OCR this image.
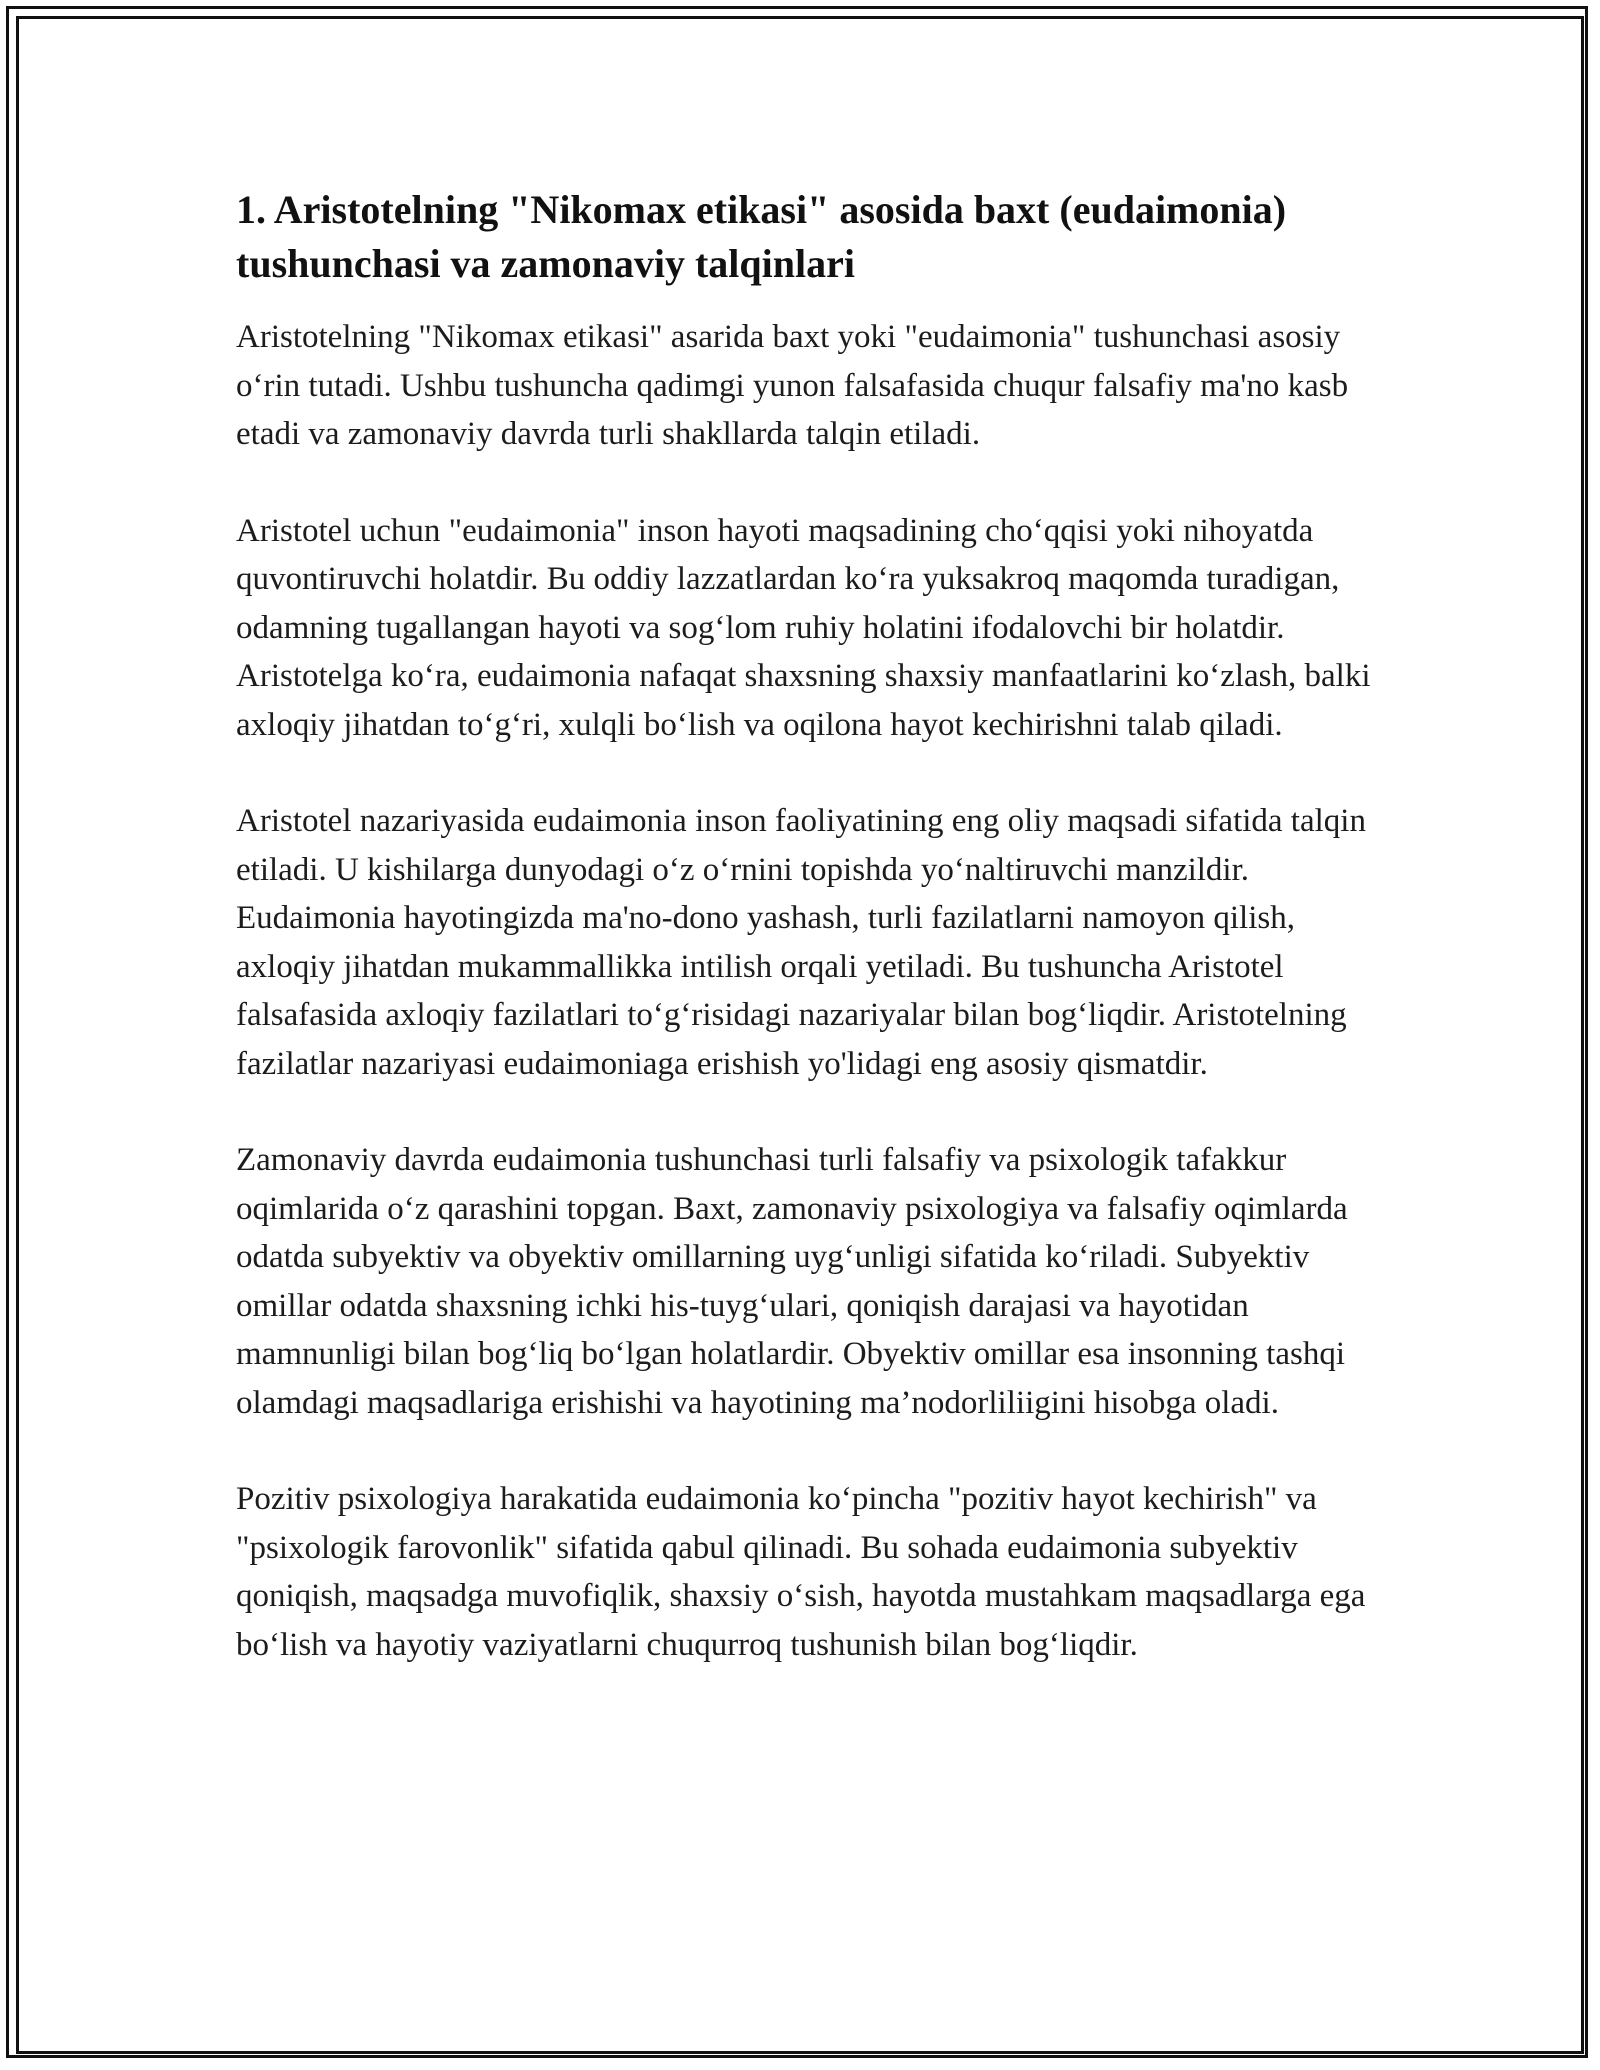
1. Aristotelning "Nikomax etikasi" asosida baxt (eudaimonia) tushunchasi va zamonaviy talqinlari

Aristotelning "Nikomax etikasi" asarida baxt yoki "eudaimonia" tushunchasi asosiy o‘rin tutadi. Ushbu tushuncha qadimgi yunon falsafasida chuqur falsafiy ma'no kasb etadi va zamonaviy davrda turli shakllarda talqin etiladi.

Aristotel uchun "eudaimonia" inson hayoti maqsadining cho‘qqisi yoki nihoyatda quvontiruvchi holatdir. Bu oddiy lazzatlardan ko‘ra yuksakroq maqomda turadigan, odamning tugallangan hayoti va sog‘lom ruhiy holatini ifodalovchi bir holatdir. Aristotelga ko‘ra, eudaimonia nafaqat shaxsning shaxsiy manfaatlarini ko‘zlash, balki axloqiy jihatdan to‘g‘ri, xulqli bo‘lish va oqilona hayot kechirishni talab qiladi.

Aristotel nazariyasida eudaimonia inson faoliyatining eng oliy maqsadi sifatida talqin etiladi. U kishilarga dunyodagi o‘z o‘rnini topishda yo‘naltiruvchi manzildir. Eudaimonia hayotingizda ma'no-dono yashash, turli fazilatlarni namoyon qilish, axloqiy jihatdan mukammallikka intilish orqali yetiladi. Bu tushuncha Aristotel falsafasida axloqiy fazilatlari to‘g‘risidagi nazariyalar bilan bog‘liqdir. Aristotelning fazilatlar nazariyasi eudaimoniaga erishish yo'lidagi eng asosiy qismatdir.

Zamonaviy davrda eudaimonia tushunchasi turli falsafiy va psixologik tafakkur oqimlarida o‘z qarashini topgan. Baxt, zamonaviy psixologiya va falsafiy oqimlarda odatda subyektiv va obyektiv omillarning uyg‘unligi sifatida ko‘riladi. Subyektiv omillar odatda shaxsning ichki his-tuyg‘ulari, qoniqish darajasi va hayotidan mamnunligi bilan bog‘liq bo‘lgan holatlardir. Obyektiv omillar esa insonning tashqi olamdagi maqsadlariga erishishi va hayotining ma’nodorliliigini hisobga oladi.

Pozitiv psixologiya harakatida eudaimonia ko‘pincha "pozitiv hayot kechirish" va "psixologik farovonlik" sifatida qabul qilinadi. Bu sohada eudaimonia subyektiv qoniqish, maqsadga muvofiqlik, shaxsiy o‘sish, hayotda mustahkam maqsadlarga ega bo‘lish va hayotiy vaziyatlarni chuqurroq tushunish bilan bog‘liqdir.
